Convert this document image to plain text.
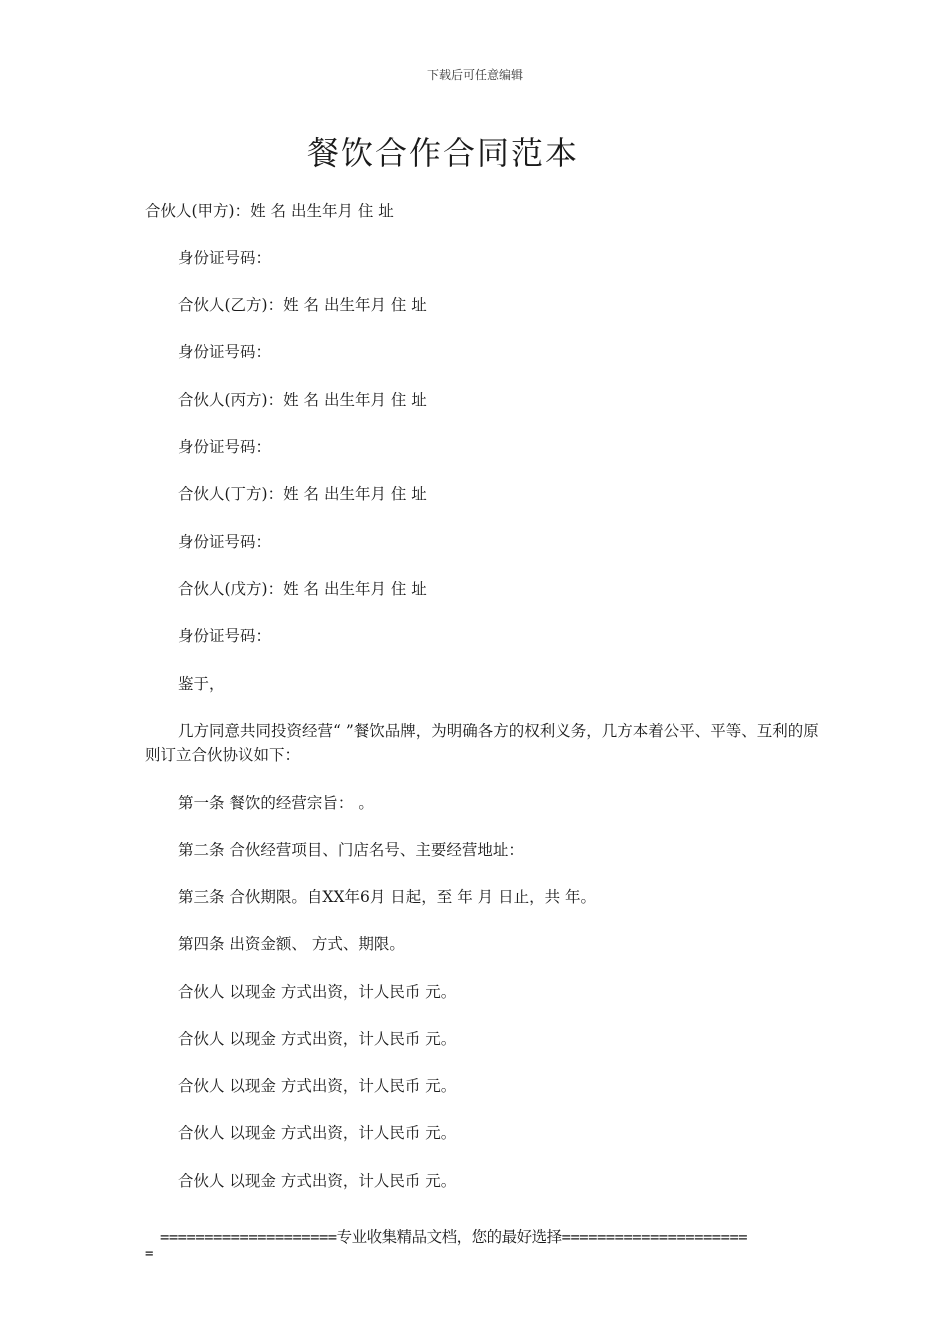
下载后可任意编辑
餐饮合作合同范本
合伙人(甲方)：姓 名 出生年月 住 址
身份证号码：
合伙人(乙方)：姓 名 出生年月 住 址
身份证号码：
合伙人(丙方)：姓 名 出生年月 住 址
身份证号码：
合伙人(丁方)：姓 名 出生年月 住 址
身份证号码：
合伙人(戊方)：姓 名 出生年月 住 址
身份证号码：
鉴于，

几方同意共同投资经营“ ”餐饮品牌，为明确各方的权利义务，几方本着公平、平等、互利的原则订立合伙协议如下：

第一条 餐饮的经营宗旨： 。
第二条 合伙经营项目、门店名号、主要经营地址：
第三条 合伙期限。自XX年6月 日起，至 年 月 日止，共 年。
第四条 出资金额、 方式、期限。
合伙人 以现金 方式出资，计人民币 元。
合伙人 以现金 方式出资，计人民币 元。
合伙人 以现金 方式出资，计人民币 元。
合伙人 以现金 方式出资，计人民币 元。
合伙人 以现金 方式出资，计人民币 元。
====================专业收集精品文档，您的最好选择=====================
=
